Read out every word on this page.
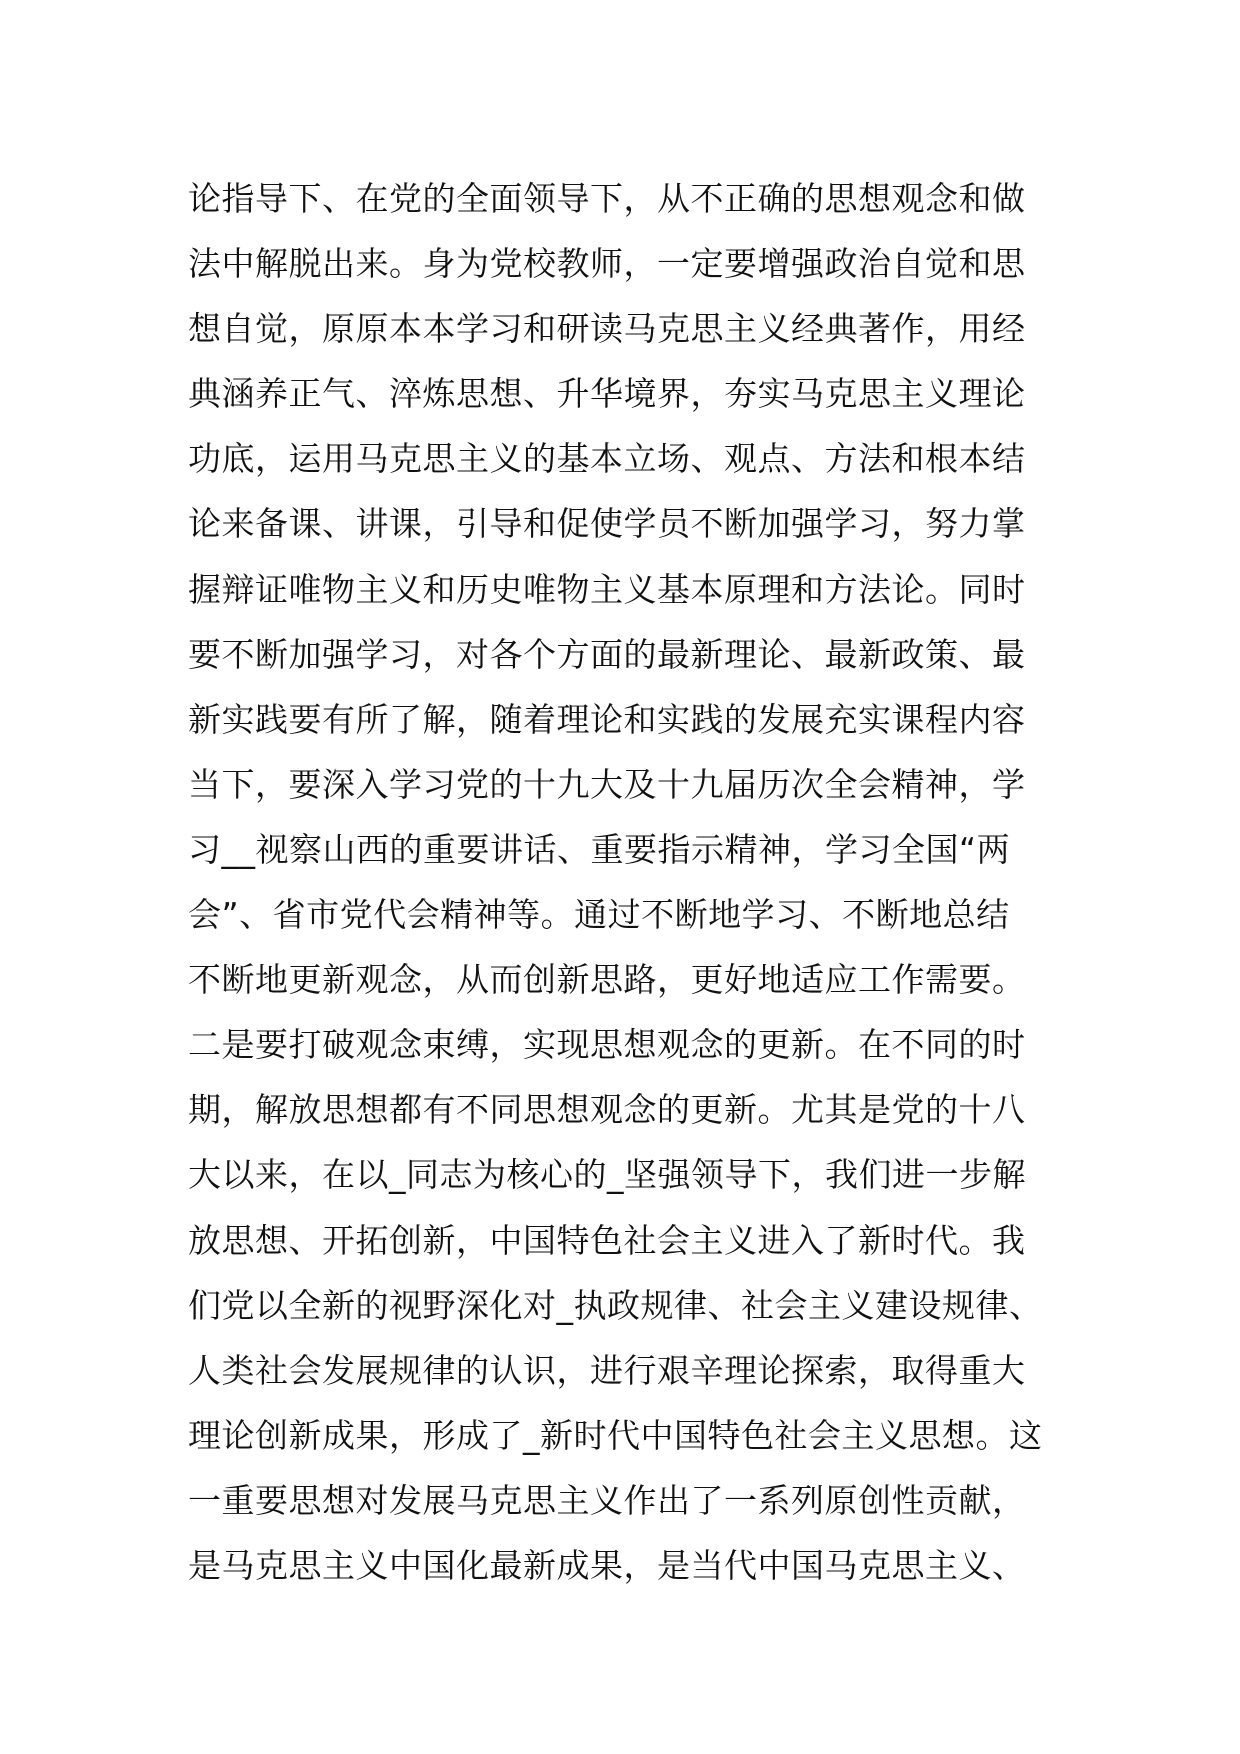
论指导下、在党的全面领导下，从不正确的思想观念和做
法中解脱出来。身为党校教师，一定要增强政治自觉和思
想自觉，原原本本学习和研读马克思主义经典著作，用经
典涵养正气、淬炼思想、升华境界，夯实马克思主义理论
功底，运用马克思主义的基本立场、观点、方法和根本结
论来备课、讲课，引导和促使学员不断加强学习，努力掌
握辩证唯物主义和历史唯物主义基本原理和方法论。同时
要不断加强学习，对各个方面的最新理论、最新政策、最
新实践要有所了解，随着理论和实践的发展充实课程内容
当下，要深入学习党的十九大及十九届历次全会精神，学
习__视察山西的重要讲话、重要指示精神，学习全国“两
会”、省市党代会精神等。通过不断地学习、不断地总结
不断地更新观念，从而创新思路，更好地适应工作需要。
二是要打破观念束缚，实现思想观念的更新。在不同的时
期，解放思想都有不同思想观念的更新。尤其是党的十八
大以来，在以_同志为核心的_坚强领导下，我们进一步解
放思想、开拓创新，中国特色社会主义进入了新时代。我
们党以全新的视野深化对_执政规律、社会主义建设规律、
人类社会发展规律的认识，进行艰辛理论探索，取得重大
理论创新成果，形成了_新时代中国特色社会主义思想。这
一重要思想对发展马克思主义作出了一系列原创性贡献，
是马克思主义中国化最新成果，是当代中国马克思主义、
